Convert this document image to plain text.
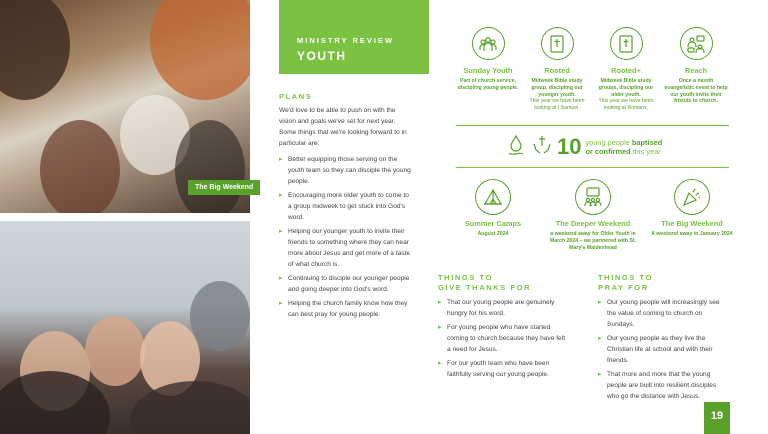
The Big Weekend
MINISTRY REVIEW
YOUTH
PLANS

We'd love to be able to push on with the vision and goals we've set for next year. Some things that we're looking forward to in particular are:

▸ Better equipping those serving on the youth team so they can disciple the young people.
▸ Encouraging more older youth to come to a group midweek to get stuck into God's word.
▸ Helping our younger youth to invite their friends to something where they can hear more about Jesus and get more of a taste of what church is.
▸ Continuing to disciple our younger people and going deeper into God's word.
▸ Helping the church family know how they can best pray for young people.
Sunday Youth
Part of church service, discipling young people.
Rooted
Midweek Bible study group, discipling our younger youth.
This year we have been looking at I Samuel.
Rooted+
Midweek Bible study groups, discipling our older youth.
This year we have been looking at Romans.
Reach
Once a month evangelistic event to help our youth invite their friends to church.
10 young people baptised
or confirmed this year
Summer Camps
August 2024
The Deeper Weekend
a weekend away for Older Youth in March 2024 – we partnered with St. Mary's Maidenhead
The Big Weekend
A weekend away in January 2024
THINGS TO
GIVE THANKS FOR
▸ That our young people are genuinely hungry for his word.
▸ For young people who have started coming to church because they have felt a need for Jesus.
▸ For our youth team who have been faithfully serving our young people.
THINGS TO
PRAY FOR
▸ Our young people will increasingly see the value of coming to church on Sundays.
▸ Our young people as they live the Christian life at school and with their friends.
▸ That more and more that the young people are built into resilient disciples who go the distance with Jesus.
19
